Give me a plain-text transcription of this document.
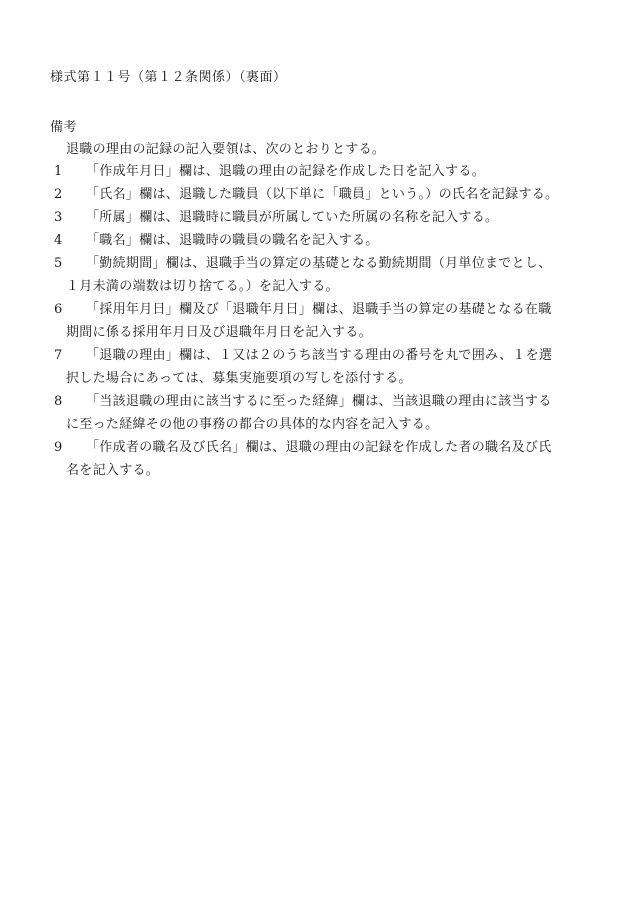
様式第１１号（第１２条関係）（裏面）
備考
退職の理由の記録の記入要領は、次のとおりとする。
1 「作成年月日」欄は、退職の理由の記録を作成した日を記入する。
2 「氏名」欄は、退職した職員（以下単に「職員」という。）の氏名を記録する。
3 「所属」欄は、退職時に職員が所属していた所属の名称を記入する。
4 「職名」欄は、退職時の職員の職名を記入する。
5 「勤続期間」欄は、退職手当の算定の基礎となる勤続期間（月単位までとし、
１月未満の端数は切り捨てる。）を記入する。
6 「採用年月日」欄及び「退職年月日」欄は、退職手当の算定の基礎となる在職
期間に係る採用年月日及び退職年月日を記入する。
7 「退職の理由」欄は、１又は２のうち該当する理由の番号を丸で囲み、１を選
択した場合にあっては、募集実施要項の写しを添付する。
8 「当該退職の理由に該当するに至った経緯」欄は、当該退職の理由に該当する
に至った経緯その他の事務の都合の具体的な内容を記入する。
9 「作成者の職名及び氏名」欄は、退職の理由の記録を作成した者の職名及び氏
名を記入する。
